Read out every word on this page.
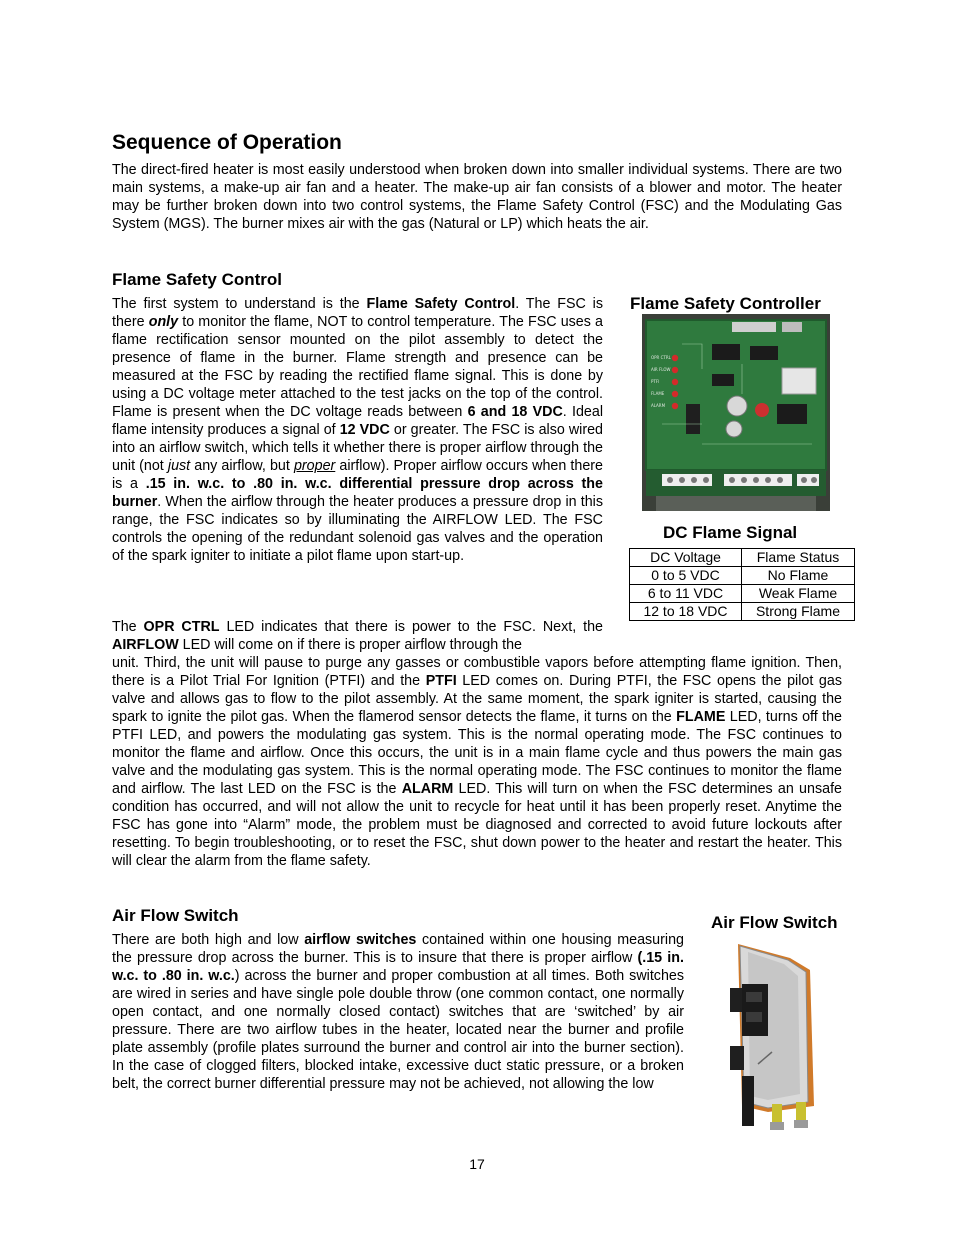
Sequence of Operation

The direct-fired heater is most easily understood when broken down into smaller individual systems. There are two main systems, a make-up air fan and a heater. The make-up air fan consists of a blower and motor. The heater may be further broken down into two control systems, the Flame Safety Control (FSC) and the Modulating Gas System (MGS). The burner mixes air with the gas (Natural or LP) which heats the air.

Flame Safety Control

The first system to understand is the Flame Safety Control. The FSC is there only to monitor the flame, NOT to control temperature. The FSC uses a flame rectification sensor mounted on the pilot assembly to detect the presence of flame in the burner. Flame strength and presence can be measured at the FSC by reading the rectified flame signal. This is done by using a DC voltage meter attached to the test jacks on the top of the control. Flame is present when the DC voltage reads between 6 and 18 VDC. Ideal flame intensity produces a signal of 12 VDC or greater. The FSC is also wired into an airflow switch, which tells it whether there is proper airflow through the unit (not just any airflow, but proper airflow). Proper airflow occurs when there is a .15 in. w.c. to .80 in. w.c. differential pressure drop across the burner. When the airflow through the heater produces a pressure drop in this range, the FSC indicates so by illuminating the AIRFLOW LED. The FSC controls the opening of the redundant solenoid gas valves and the operation of the spark igniter to initiate a pilot flame upon start-up.

The OPR CTRL LED indicates that there is power to the FSC. Next, the AIRFLOW LED will come on if there is proper airflow through the

unit. Third, the unit will pause to purge any gasses or combustible vapors before attempting flame ignition. Then, there is a Pilot Trial For Ignition (PTFI) and the PTFI LED comes on. During PTFI, the FSC opens the pilot gas valve and allows gas to flow to the pilot assembly. At the same moment, the spark igniter is started, causing the spark to ignite the pilot gas. When the flamerod sensor detects the flame, it turns on the FLAME LED, turns off the PTFI LED, and powers the modulating gas system. This is the normal operating mode. The FSC continues to monitor the flame and airflow. Once this occurs, the unit is in a main flame cycle and thus powers the main gas valve and the modulating gas system. This is the normal operating mode. The FSC continues to monitor the flame and airflow. The last LED on the FSC is the ALARM LED. This will turn on when the FSC determines an unsafe condition has occurred, and will not allow the unit to recycle for heat until it has been properly reset. Anytime the FSC has gone into “Alarm” mode, the problem must be diagnosed and corrected to avoid future lockouts after resetting. To begin troubleshooting, or to reset the FSC, shut down power to the heater and restart the heater. This will clear the alarm from the flame safety.

Flame Safety Controller
OPR CTRL
AIR FLOW
PTFI
FLAME
ALARM
DC Flame Signal
DC Voltage	Flame Status
0 to 5 VDC	No Flame
6 to 11 VDC	Weak Flame
12 to 18 VDC	Strong Flame
Air Flow Switch

There are both high and low airflow switches contained within one housing measuring the pressure drop across the burner. This is to insure that there is proper airflow (.15 in. w.c. to .80 in. w.c.) across the burner and proper combustion at all times. Both switches are wired in series and have single pole double throw (one common contact, one normally open contact, and one normally closed contact) switches that are ‘switched’ by air pressure. There are two airflow tubes in the heater, located near the burner and profile plate assembly (profile plates surround the burner and control air into the burner section). In the case of clogged filters, blocked intake, excessive duct static pressure, or a broken belt, the correct burner differential pressure may not be achieved, not allowing the low

Air Flow Switch
17
